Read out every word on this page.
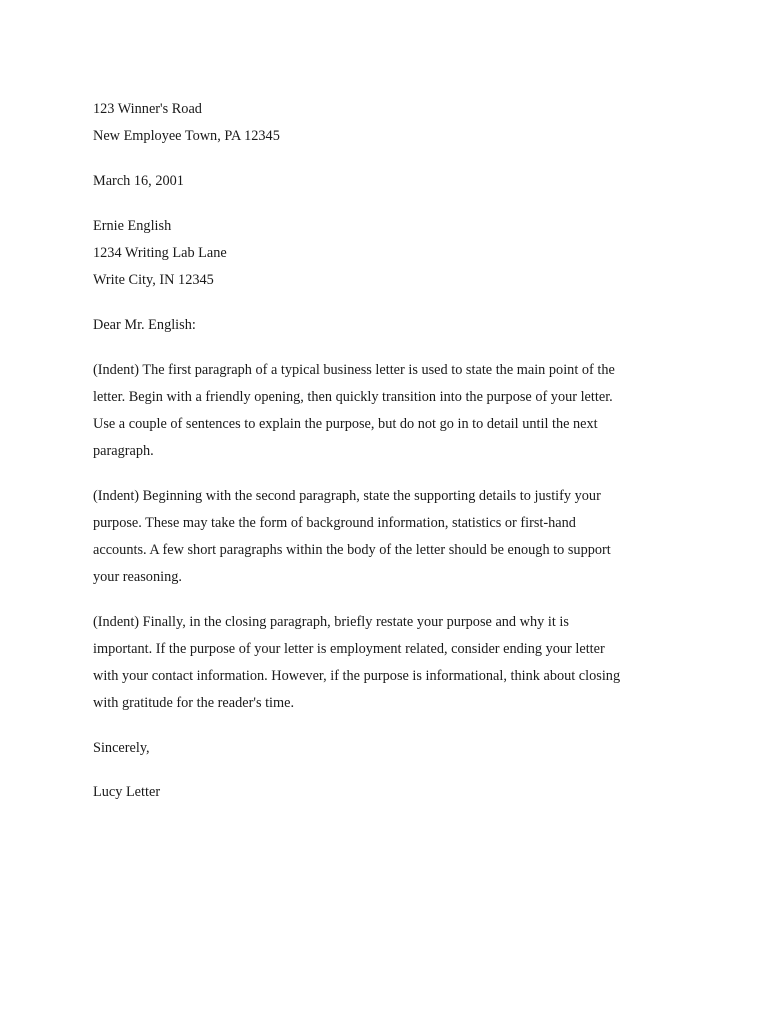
123 Winner's Road
New Employee Town, PA 12345
March 16, 2001
Ernie English
1234 Writing Lab Lane
Write City, IN 12345
Dear Mr. English:
(Indent) The first paragraph of a typical business letter is used to state the main point of the
letter. Begin with a friendly opening, then quickly transition into the purpose of your letter.
Use a couple of sentences to explain the purpose, but do not go in to detail until the next
paragraph.
(Indent) Beginning with the second paragraph, state the supporting details to justify your
purpose. These may take the form of background information, statistics or first-hand
accounts. A few short paragraphs within the body of the letter should be enough to support
your reasoning.
(Indent) Finally, in the closing paragraph, briefly restate your purpose and why it is
important. If the purpose of your letter is employment related, consider ending your letter
with your contact information. However, if the purpose is informational, think about closing
with gratitude for the reader's time.
Sincerely,
Lucy Letter
